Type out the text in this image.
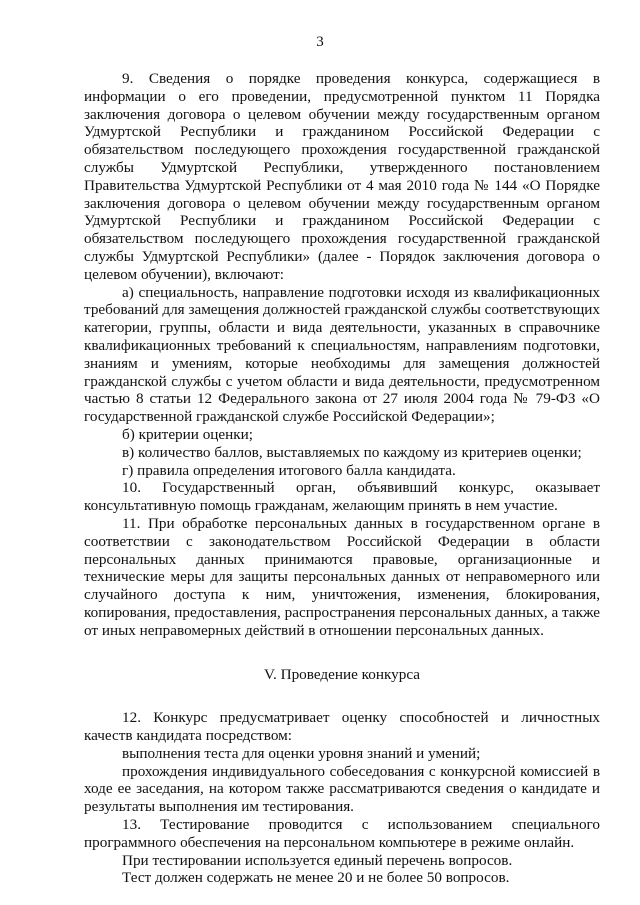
3

9. Сведения о порядке проведения конкурса, содержащиеся в информации о его проведении, предусмотренной пунктом 11 Порядка заключения договора о целевом обучении между государственным органом Удмуртской Республики и гражданином Российской Федерации с обязательством последующего прохождения государственной гражданской службы Удмуртской Республики, утвержденного постановлением Правительства Удмуртской Республики от 4 мая 2010 года № 144 «О Порядке заключения договора о целевом обучении между государственным органом Удмуртской Республики и гражданином Российской Федерации с обязательством последующего прохождения государственной гражданской службы Удмуртской Республики» (далее - Порядок заключения договора о целевом обучении), включают:

а) специальность, направление подготовки исходя из квалификационных требований для замещения должностей гражданской службы соответствующих категории, группы, области и вида деятельности, указанных в справочнике квалификационных требований к специальностям, направлениям подготовки, знаниям и умениям, которые необходимы для замещения должностей гражданской службы с учетом области и вида деятельности, предусмотренном частью 8 статьи 12 Федерального закона от 27 июля 2004 года № 79-ФЗ «О государственной гражданской службе Российской Федерации»;

б) критерии оценки;

в) количество баллов, выставляемых по каждому из критериев оценки;

г) правила определения итогового балла кандидата.

10. Государственный орган, объявивший конкурс, оказывает консультативную помощь гражданам, желающим принять в нем участие.

11. При обработке персональных данных в государственном органе в соответствии с законодательством Российской Федерации в области персональных данных принимаются правовые, организационные и технические меры для защиты персональных данных от неправомерного или случайного доступа к ним, уничтожения, изменения, блокирования, копирования, предоставления, распространения персональных данных, а также от иных неправомерных действий в отношении персональных данных.

V. Проведение конкурса

12. Конкурс предусматривает оценку способностей и личностных качеств кандидата посредством:

выполнения теста для оценки уровня знаний и умений;

прохождения индивидуального собеседования с конкурсной комиссией в ходе ее заседания, на котором также рассматриваются сведения о кандидате и результаты выполнения им тестирования.

13. Тестирование проводится с использованием специального программного обеспечения на персональном компьютере в режиме онлайн.

При тестировании используется единый перечень вопросов.

Тест должен содержать не менее 20 и не более 50 вопросов.
